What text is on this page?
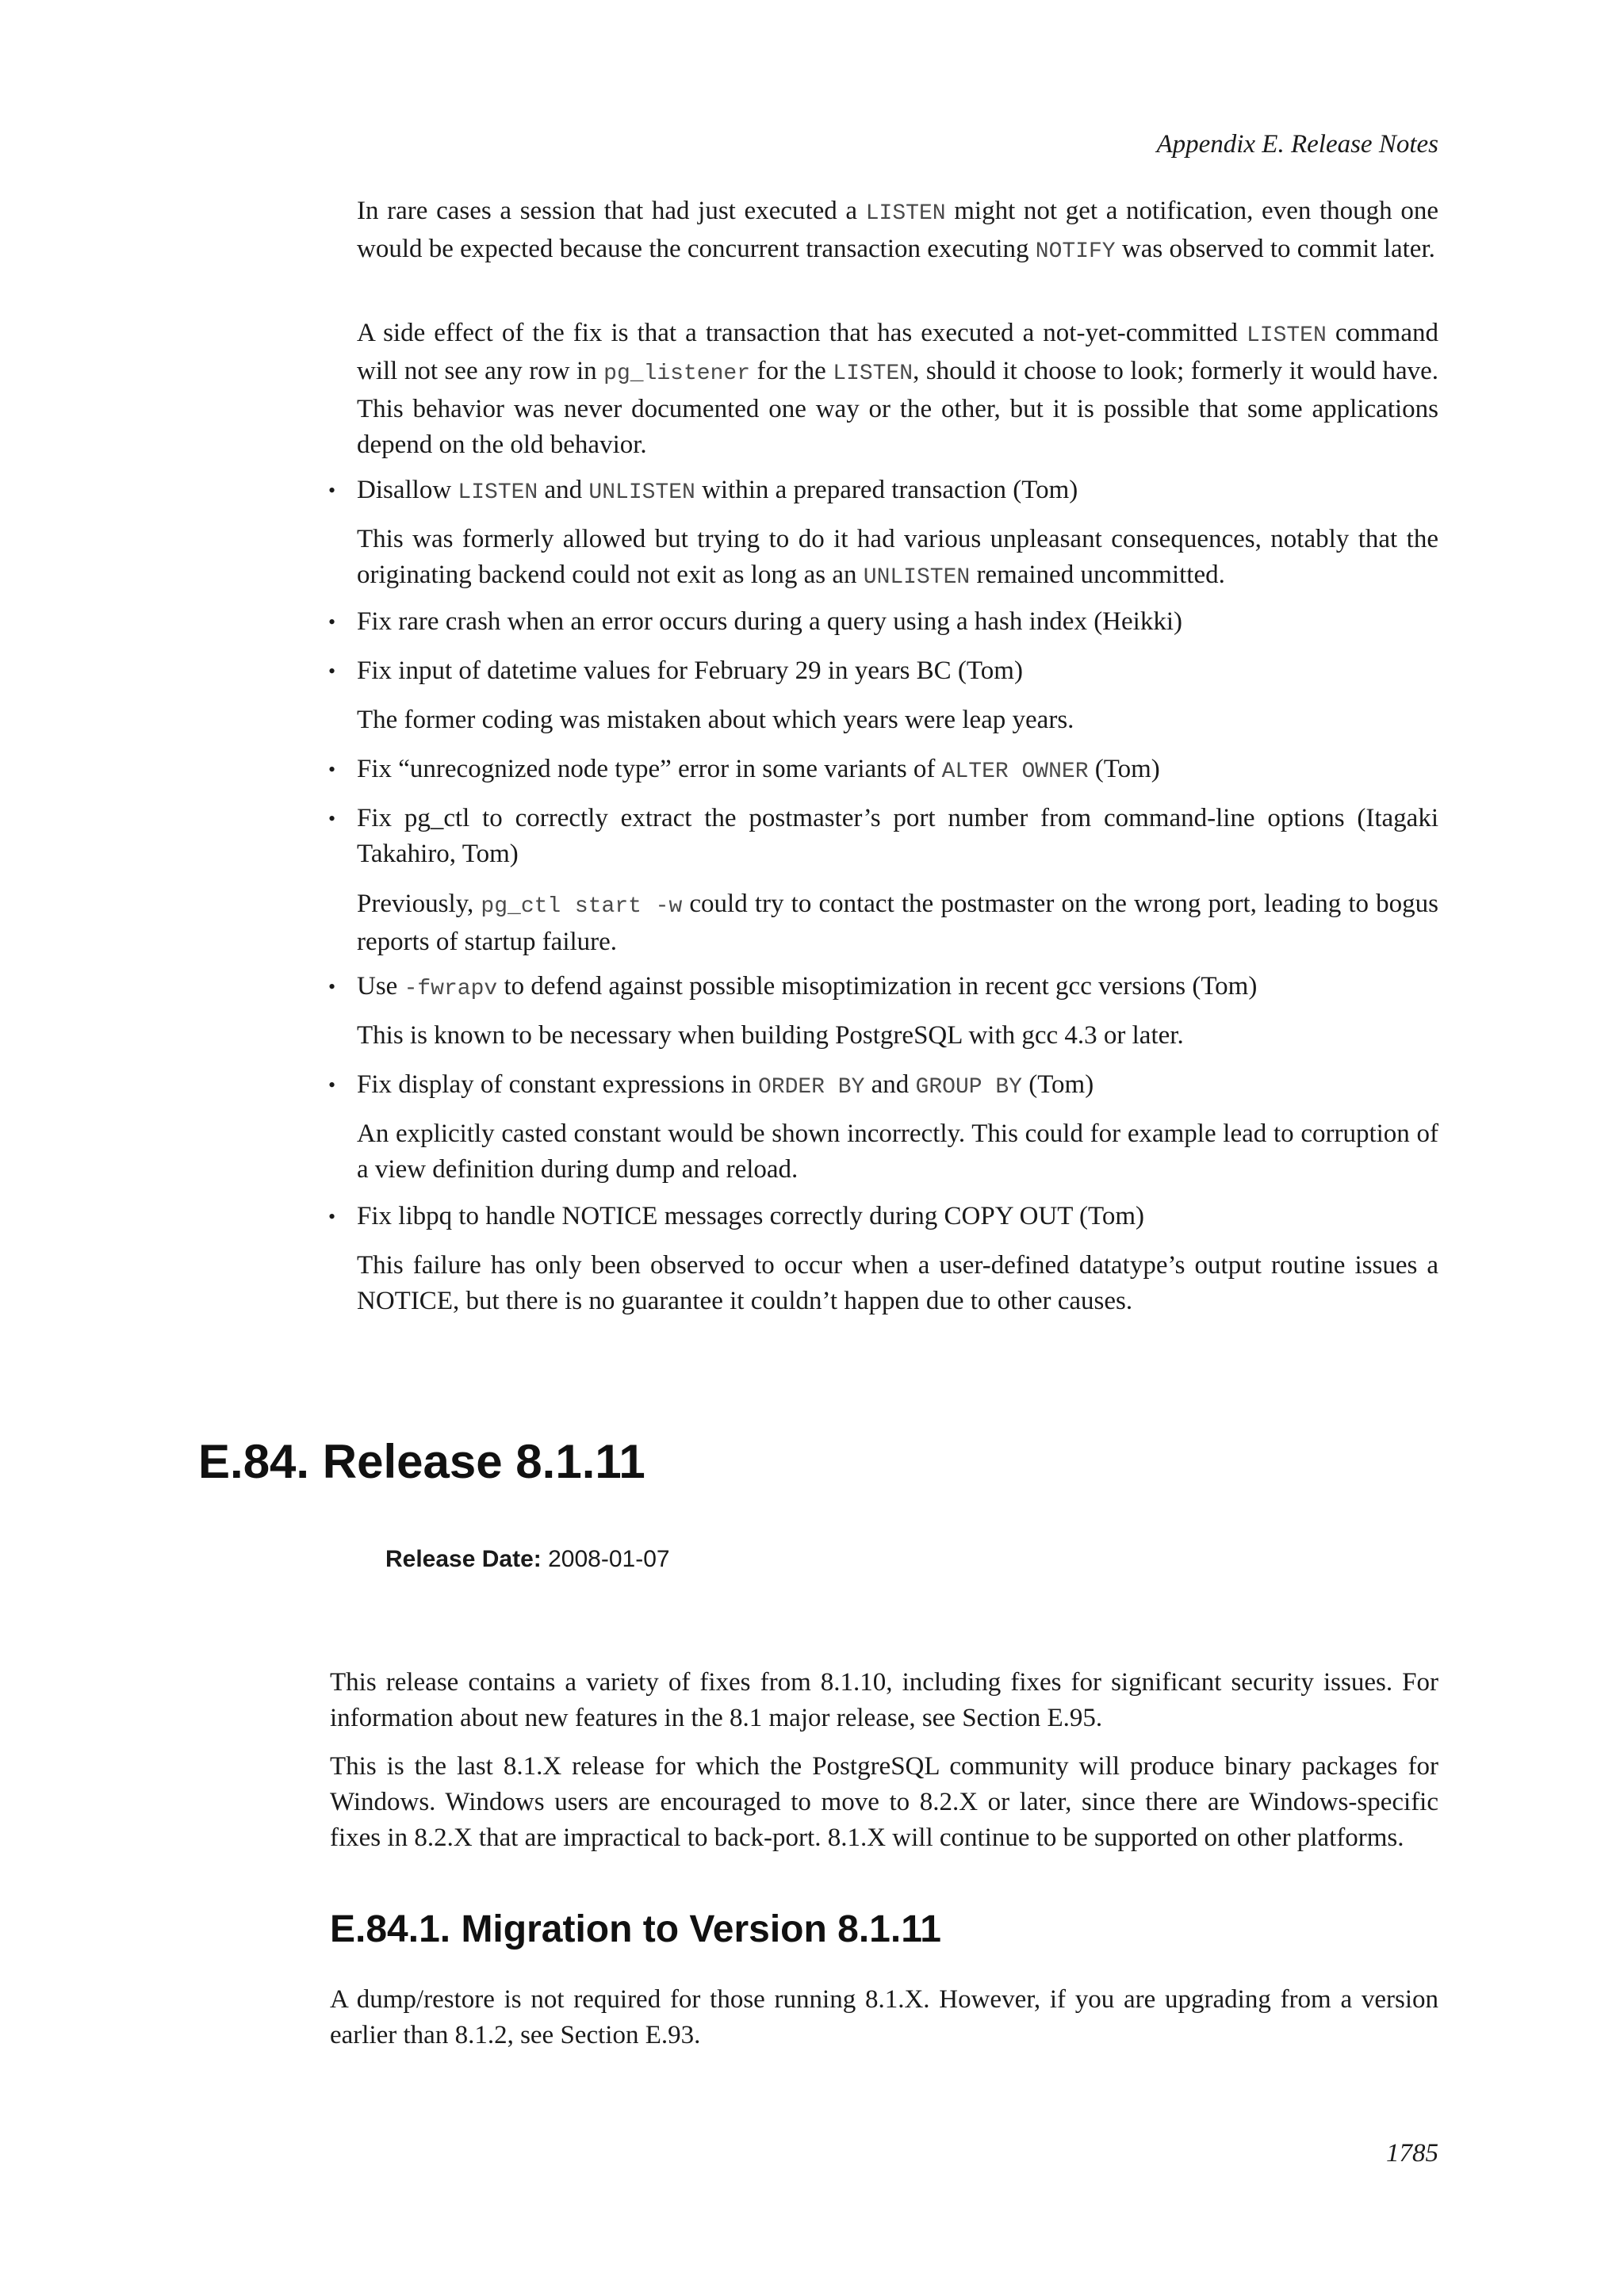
Appendix E. Release Notes
In rare cases a session that had just executed a LISTEN might not get a notification, even though one would be expected because the concurrent transaction executing NOTIFY was observed to commit later.
A side effect of the fix is that a transaction that has executed a not-yet-committed LISTEN command will not see any row in pg_listener for the LISTEN, should it choose to look; formerly it would have. This behavior was never documented one way or the other, but it is possible that some applications depend on the old behavior.
• Disallow LISTEN and UNLISTEN within a prepared transaction (Tom)
This was formerly allowed but trying to do it had various unpleasant consequences, notably that the originating backend could not exit as long as an UNLISTEN remained uncommitted.
• Fix rare crash when an error occurs during a query using a hash index (Heikki)
• Fix input of datetime values for February 29 in years BC (Tom)
The former coding was mistaken about which years were leap years.
• Fix “unrecognized node type” error in some variants of ALTER OWNER (Tom)
• Fix pg_ctl to correctly extract the postmaster’s port number from command-line options (Itagaki Takahiro, Tom)
Previously, pg_ctl start -w could try to contact the postmaster on the wrong port, leading to bogus reports of startup failure.
• Use -fwrapv to defend against possible misoptimization in recent gcc versions (Tom)
This is known to be necessary when building PostgreSQL with gcc 4.3 or later.
• Fix display of constant expressions in ORDER BY and GROUP BY (Tom)
An explicitly casted constant would be shown incorrectly. This could for example lead to corruption of a view definition during dump and reload.
• Fix libpq to handle NOTICE messages correctly during COPY OUT (Tom)
This failure has only been observed to occur when a user-defined datatype’s output routine issues a NOTICE, but there is no guarantee it couldn’t happen due to other causes.
E.84. Release 8.1.11
Release Date: 2008-01-07
This release contains a variety of fixes from 8.1.10, including fixes for significant security issues. For information about new features in the 8.1 major release, see Section E.95.
This is the last 8.1.X release for which the PostgreSQL community will produce binary packages for Windows. Windows users are encouraged to move to 8.2.X or later, since there are Windows-specific fixes in 8.2.X that are impractical to back-port. 8.1.X will continue to be supported on other platforms.
E.84.1. Migration to Version 8.1.11
A dump/restore is not required for those running 8.1.X. However, if you are upgrading from a version earlier than 8.1.2, see Section E.93.
1785
